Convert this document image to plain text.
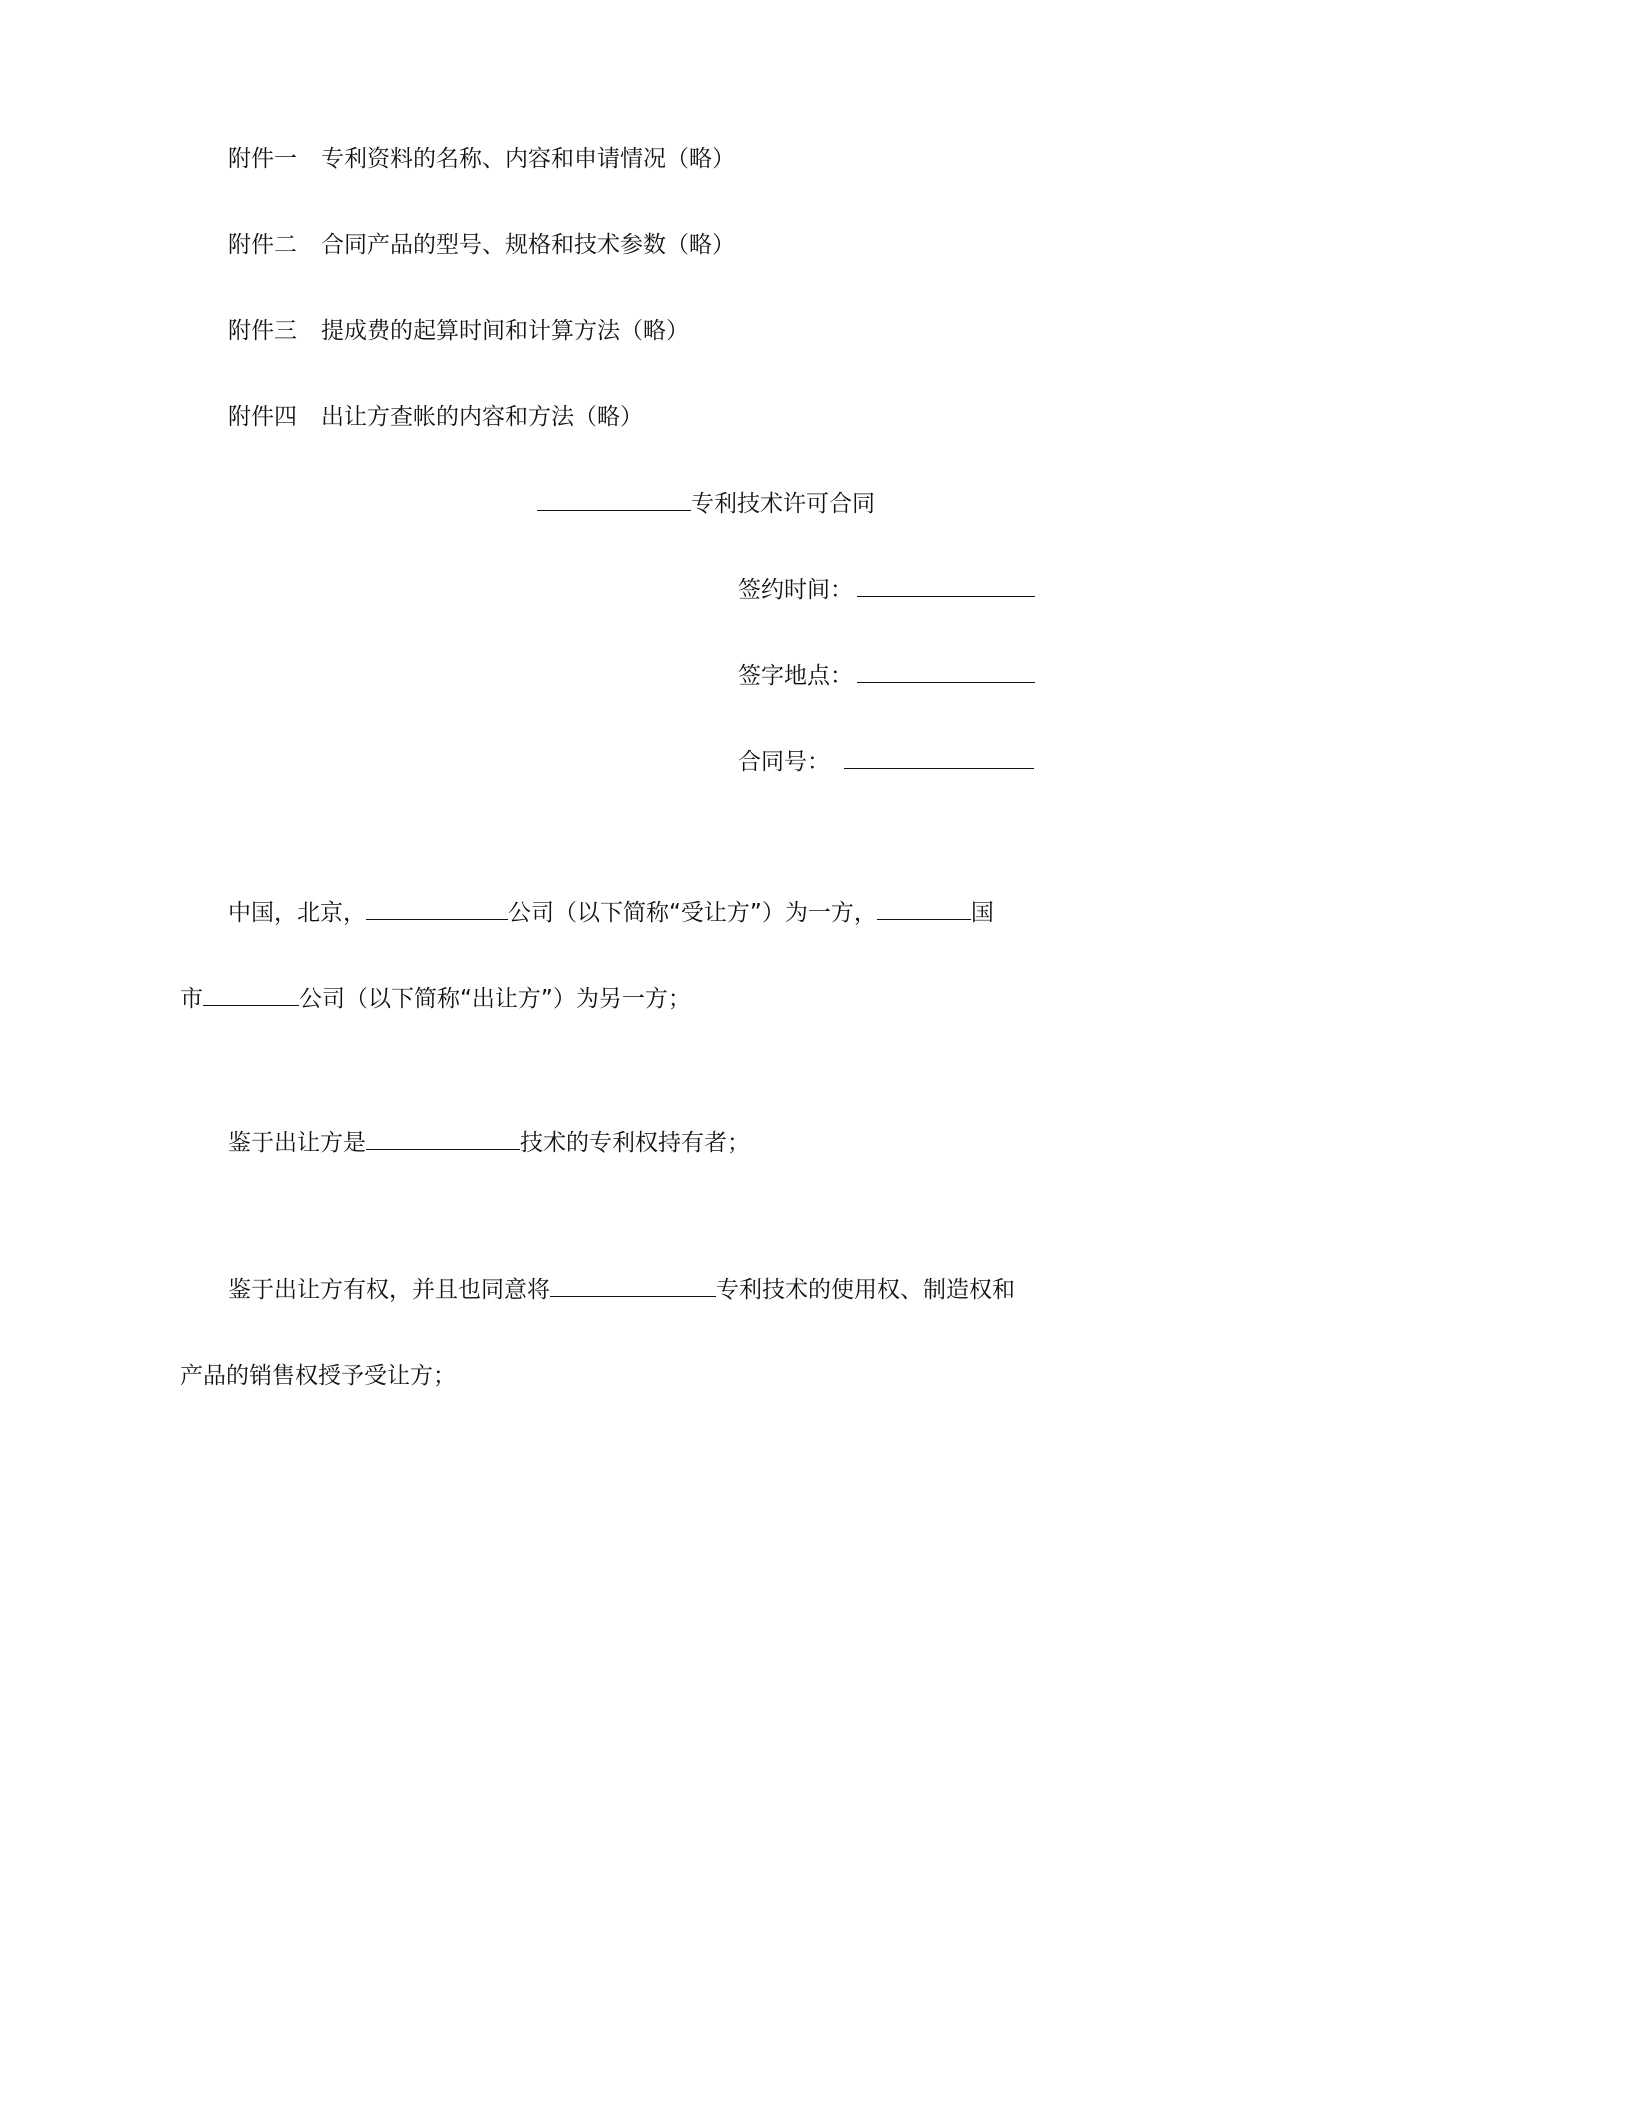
附件一 专利资料的名称、内容和申请情况（略）
附件二 合同产品的型号、规格和技术参数（略）
附件三 提成费的起算时间和计算方法（略）
附件四 出让方查帐的内容和方法（略）
专利技术许可合同
签约时间：
签字地点：
合同号：
中国，北京，	公司（以下简称“受让方”）为一方，	国
市	公司（以下简称“出让方”）为另一方；
鉴于出让方是	技术的专利权持有者；
鉴于出让方有权，并且也同意将	专利技术的使用权、制造权和
产品的销售权授予受让方；
